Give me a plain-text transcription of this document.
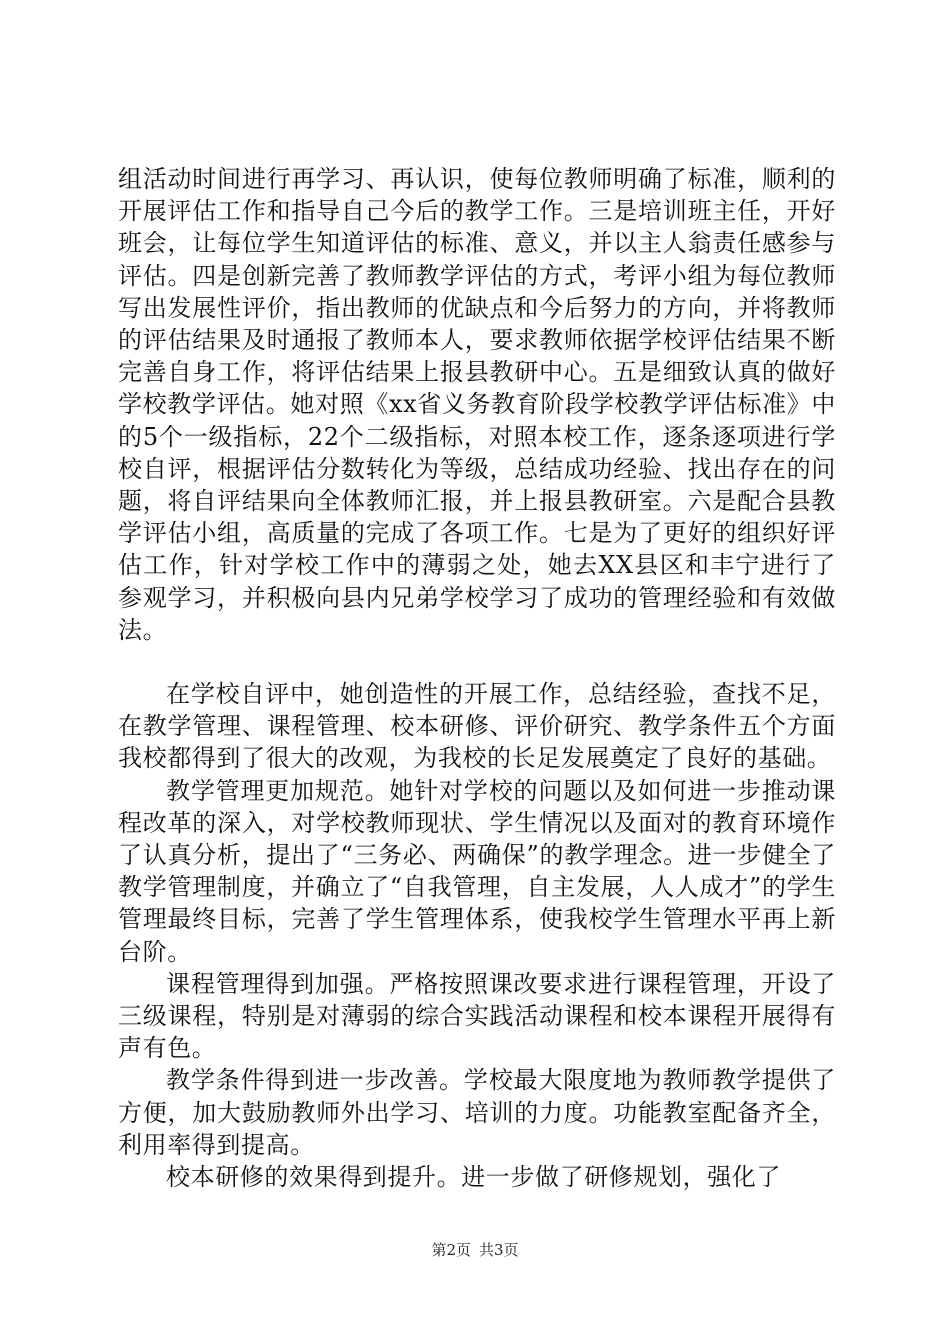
组活动时间进行再学习、再认识，使每位教师明确了标准，顺利的开展评估工作和指导自己今后的教学工作。三是培训班主任，开好班会，让每位学生知道评估的标准、意义，并以主人翁责任感参与评估。四是创新完善了教师教学评估的方式，考评小组为每位教师写出发展性评价，指出教师的优缺点和今后努力的方向，并将教师的评估结果及时通报了教师本人，要求教师依据学校评估结果不断完善自身工作，将评估结果上报县教研中心。五是细致认真的做好学校教学评估。她对照《xx省义务教育阶段学校教学评估标准》中的5个一级指标，22个二级指标，对照本校工作，逐条逐项进行学校自评，根据评估分数转化为等级，总结成功经验、找出存在的问题，将自评结果向全体教师汇报，并上报县教研室。六是配合县教学评估小组，高质量的完成了各项工作。七是为了更好的组织好评估工作，针对学校工作中的薄弱之处，她去XX县区和丰宁进行了参观学习，并积极向县内兄弟学校学习了成功的管理经验和有效做法。

在学校自评中，她创造性的开展工作，总结经验，查找不足，在教学管理、课程管理、校本研修、评价研究、教学条件五个方面我校都得到了很大的改观，为我校的长足发展奠定了良好的基础。

教学管理更加规范。她针对学校的问题以及如何进一步推动课程改革的深入，对学校教师现状、学生情况以及面对的教育环境作了认真分析，提出了“三务必、两确保”的教学理念。进一步健全了教学管理制度，并确立了“自我管理，自主发展，人人成才”的学生管理最终目标，完善了学生管理体系，使我校学生管理水平再上新台阶。

课程管理得到加强。严格按照课改要求进行课程管理，开设了三级课程，特别是对薄弱的综合实践活动课程和校本课程开展得有声有色。

教学条件得到进一步改善。学校最大限度地为教师教学提供了方便，加大鼓励教师外出学习、培训的力度。功能教室配备齐全，利用率得到提高。

校本研修的效果得到提升。进一步做了研修规划，强化了

第2页 共3页
